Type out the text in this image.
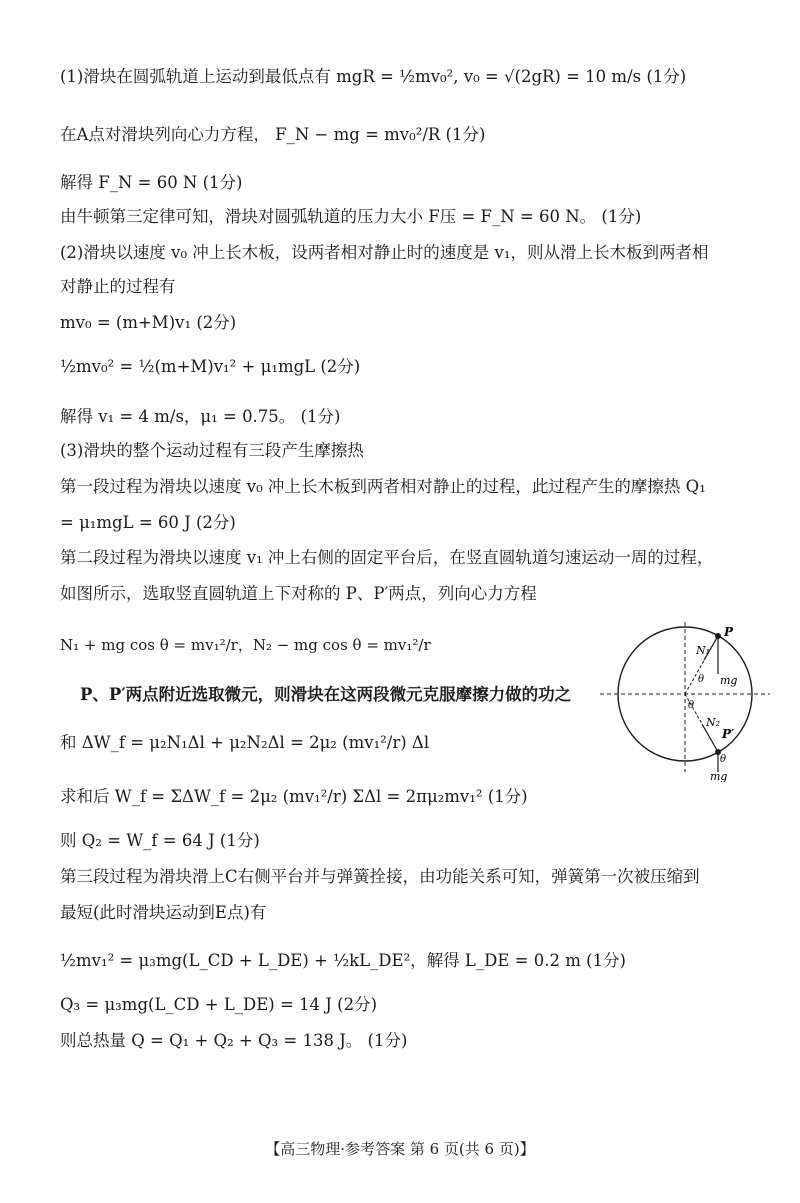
(1)滑块在圆弧轨道上运动到最低点有 mgR = ½mv₀², v₀ = √(2gR) = 10 m/s (1分)
在A点对滑块列向心力方程， F_N − mg = mv₀²/R (1分)
解得 F_N = 60 N (1分)
由牛顿第三定律可知，滑块对圆弧轨道的压力大小 F压 = F_N = 60 N。 (1分)
(2)滑块以速度 v₀ 冲上长木板，设两者相对静止时的速度是 v₁，则从滑上长木板到两者相
对静止的过程有
mv₀ = (m+M)v₁ (2分)
½mv₀² = ½(m+M)v₁² + μ₁mgL (2分)
解得 v₁ = 4 m/s，μ₁ = 0.75。 (1分)
(3)滑块的整个运动过程有三段产生摩擦热
第一段过程为滑块以速度 v₀ 冲上长木板到两者相对静止的过程，此过程产生的摩擦热 Q₁
= μ₁mgL = 60 J (2分)
第二段过程为滑块以速度 v₁ 冲上右侧的固定平台后，在竖直圆轨道匀速运动一周的过程，
如图所示，选取竖直圆轨道上下对称的 P、P′两点，列向心力方程
N₁ + mg cos θ = mv₁²/r，N₂ − mg cos θ = mv₁²/r
P、P′两点附近选取微元，则滑块在这两段微元克服摩擦力做的功之
和 ΔW_f = μ₂N₁Δl + μ₂N₂Δl = 2μ₂ (mv₁²/r) Δl
求和后 W_f = ΣΔW_f = 2μ₂ (mv₁²/r) ΣΔl = 2πμ₂mv₁² (1分)
则 Q₂ = W_f = 64 J (1分)
第三段过程为滑块滑上C右侧平台并与弹簧拴接，由功能关系可知，弹簧第一次被压缩到
最短(此时滑块运动到E点)有
½mv₁² = μ₃mg(L_CD + L_DE) + ½kL_DE²，解得 L_DE = 0.2 m (1分)
Q₃ = μ₃mg(L_CD + L_DE) = 14 J (2分)
则总热量 Q = Q₁ + Q₂ + Q₃ = 138 J。 (1分)
P
P′
N₁
N₂
mg
mg
θ
θ
θ
【高三物理·参考答案 第 6 页(共 6 页)】
